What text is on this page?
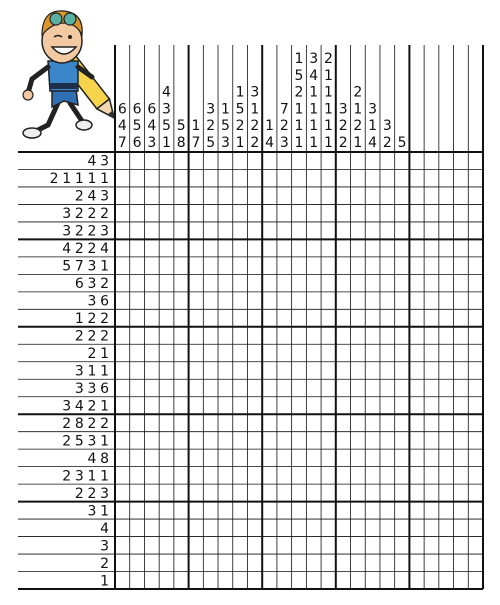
6
4
7
6
5
6
6
4
3
4
3
5
1
5
8
1
7
3
2
5
1
5
3
1
5
2
1
3
1
2
2
1
4
7
2
3
1
5
2
1
1
1
3
4
1
1
1
1
2
1
1
1
1
1
3
2
2
2
1
2
1
3
1
4
3
2 5
4 3
2 1 1 1 1
2 4 3
3 2 2 2
3 2 2 3
4 2 2 4
5 7 3 1
6 3 2
3 6
1 2 2
2 2 2
2 1
3 1 1
3 3 6
3 4 2 1
2 8 2 2
2 5 3 1
4 8
2 3 1 1
2 2 3
3 1
4
3
2
1
